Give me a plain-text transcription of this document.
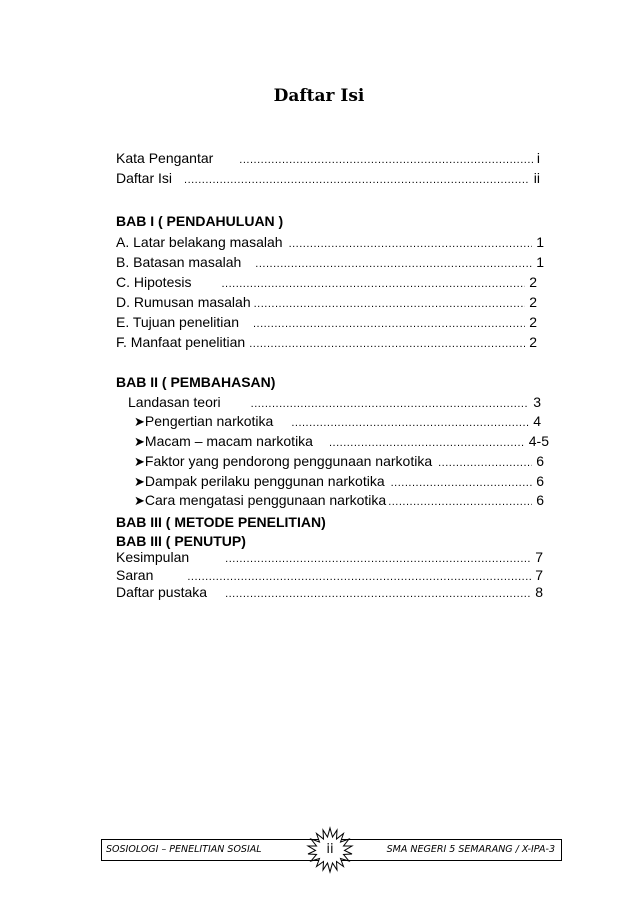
Daftar Isi
Kata Pengantar .....	i
Daftar Isi .....	ii
BAB I ( PENDAHULUAN )
A. Latar belakang masalah .....	1
B. Batasan masalah .....	1
C. Hipotesis .....	2
D. Rumusan masalah .....	2
E. Tujuan penelitian .....	2
F. Manfaat penelitian .....	2
BAB II ( PEMBAHASAN)
Landasan teori .....	3
➤ Pengertian narkotika .....	4
➤ Macam – macam narkotika .....	4-5
➤ Faktor yang pendorong penggunaan narkotika .....	6
➤ Dampak perilaku penggunan narkotika .....	6
➤ Cara mengatasi penggunaan narkotika .....	6
BAB III ( METODE PENELITIAN)
BAB III ( PENUTUP)
Kesimpulan .....	7
Saran .....	7
Daftar pustaka .....	8
SOSIOLOGI – PENELITIAN SOSIAL	SMA NEGERI 5 SEMARANG / X-IPA-3
ii
